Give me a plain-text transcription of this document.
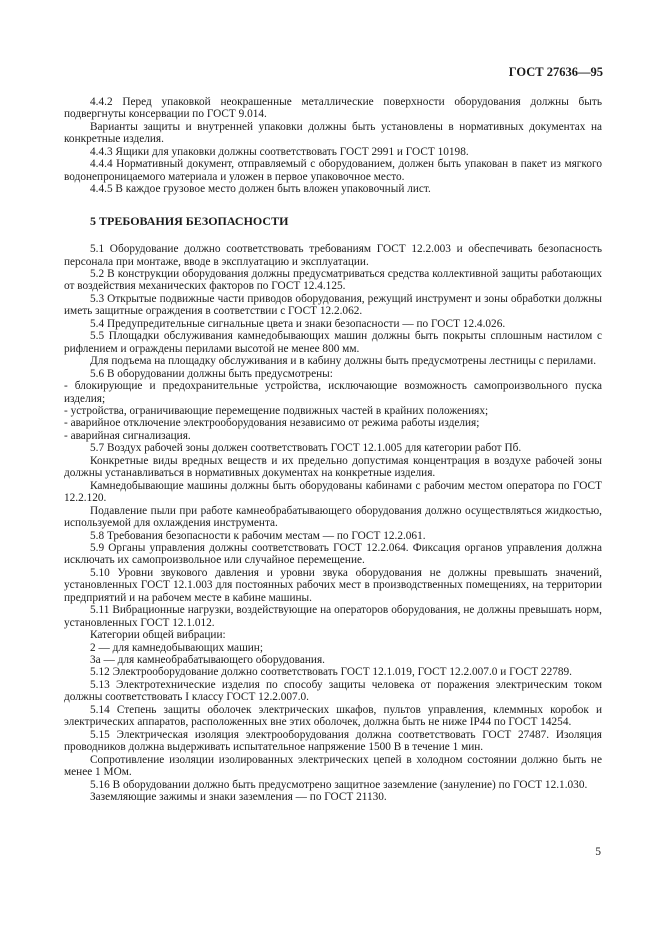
ГОСТ 27636—95

4.4.2 Перед упаковкой неокрашенные металлические поверхности оборудования должны быть подвергнуты консервации по ГОСТ 9.014.

Варианты защиты и внутренней упаковки должны быть установлены в нормативных документах на конкретные изделия.

4.4.3 Ящики для упаковки должны соответствовать ГОСТ 2991 и ГОСТ 10198.

4.4.4 Нормативный документ, отправляемый с оборудованием, должен быть упакован в пакет из мягкого водонепроницаемого материала и уложен в первое упаковочное место.

4.4.5 В каждое грузовое место должен быть вложен упаковочный лист.

5 ТРЕБОВАНИЯ БЕЗОПАСНОСТИ

5.1 Оборудование должно соответствовать требованиям ГОСТ 12.2.003 и обеспечивать безопасность персонала при монтаже, вводе в эксплуатацию и эксплуатации.

5.2 В конструкции оборудования должны предусматриваться средства коллективной защиты работающих от воздействия механических факторов по ГОСТ 12.4.125.

5.3 Открытые подвижные части приводов оборудования, режущий инструмент и зоны обработки должны иметь защитные ограждения в соответствии с ГОСТ 12.2.062.

5.4 Предупредительные сигнальные цвета и знаки безопасности — по ГОСТ 12.4.026.

5.5 Площадки обслуживания камнедобывающих машин должны быть покрыты сплошным настилом с рифлением и ограждены перилами высотой не менее 800 мм.

Для подъема на площадку обслуживания и в кабину должны быть предусмотрены лестницы с перилами.

5.6 В оборудовании должны быть предусмотрены:

- блокирующие и предохранительные устройства, исключающие возможность самопроизвольного пуска изделия;

- устройства, ограничивающие перемещение подвижных частей в крайних положениях;

- аварийное отключение электрооборудования независимо от режима работы изделия;

- аварийная сигнализация.

5.7 Воздух рабочей зоны должен соответствовать ГОСТ 12.1.005 для категории работ Пб.

Конкретные виды вредных веществ и их предельно допустимая концентрация в воздухе рабочей зоны должны устанавливаться в нормативных документах на конкретные изделия.

Камнедобывающие машины должны быть оборудованы кабинами с рабочим местом оператора по ГОСТ 12.2.120.

Подавление пыли при работе камнеобрабатывающего оборудования должно осуществляться жидкостью, используемой для охлаждения инструмента.

5.8 Требования безопасности к рабочим местам — по ГОСТ 12.2.061.

5.9 Органы управления должны соответствовать ГОСТ 12.2.064. Фиксация органов управления должна исключать их самопроизвольное или случайное перемещение.

5.10 Уровни звукового давления и уровни звука оборудования не должны превышать значений, установленных ГОСТ 12.1.003 для постоянных рабочих мест в производственных помещениях, на территории предприятий и на рабочем месте в кабине машины.

5.11 Вибрационные нагрузки, воздействующие на операторов оборудования, не должны превышать норм, установленных ГОСТ 12.1.012.

Категории общей вибрации:

2 — для камнедобывающих машин;

3а — для камнеобрабатывающего оборудования.

5.12 Электрооборудование должно соответствовать ГОСТ 12.1.019, ГОСТ 12.2.007.0 и ГОСТ 22789.

5.13 Электротехнические изделия по способу защиты человека от поражения электрическим током должны соответствовать I классу ГОСТ 12.2.007.0.

5.14 Степень защиты оболочек электрических шкафов, пультов управления, клеммных коробок и электрических аппаратов, расположенных вне этих оболочек, должна быть не ниже IP44 по ГОСТ 14254.

5.15 Электрическая изоляция электрооборудования должна соответствовать ГОСТ 27487. Изоляция проводников должна выдерживать испытательное напряжение 1500 В в течение 1 мин.

Сопротивление изоляции изолированных электрических цепей в холодном состоянии должно быть не менее 1 МОм.

5.16 В оборудовании должно быть предусмотрено защитное заземление (зануление) по ГОСТ 12.1.030.

Заземляющие зажимы и знаки заземления — по ГОСТ 21130.

5
